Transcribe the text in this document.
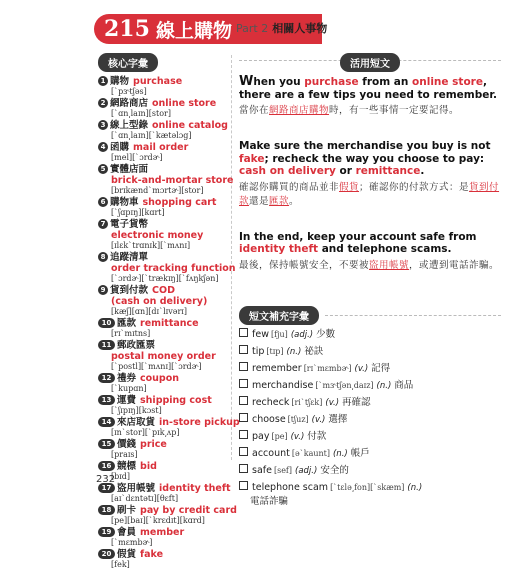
215 線上購物 Part 2 相關人事物
核心字彙
1 購物 purchase
[ˋpɝtʃəs]
2 網路商店 online store
[ˋɑn͵laɪn][stor]
3 線上型錄 online catalog
[ˋɑn͵laɪn][ˋkætəlɔg]
4 函購 mail order
[mel][ˋɔrdɚ]
5 實體店面
brick-and-mortar store
[brɪkændˋmɔrtɚ][stor]
6 購物車 shopping cart
[ˋʃɑpɪŋ][kɑrt]
7 電子貨幣
electronic money
[ɪlɛkˋtrɑnɪk][ˋmʌnɪ]
8 追蹤清單
order tracking function
[ˋɔrdɚ][ˋtrækɪŋ][ˋfʌŋkʃən]
9 貨到付款 COD
(cash on delivery)
[kæʃ][ɑn][dɪˋlɪvərɪ]
10 匯款 remittance
[rɪˋmɪtns]
11 郵政匯票
postal money order
[ˋpostl][ˋmʌnɪ][ˋɔrdɚ]
12 禮券 coupon
[ˋkupɑn]
13 運費 shipping cost
[ˋʃɪpɪŋ][kɔst]
14 來店取貨 in-store pickup
[ɪnˋstor][ˋpɪk͵ʌp]
15 價錢 price
[praɪs]
16 競標 bid
[bɪd]
17 盜用帳號 identity theft
[aɪˋdɛntətɪ][θɛft]
18 刷卡 pay by credit card
[pe][baɪ][ˋkrɛdɪt][kɑrd]
19 會員 member
[ˋmɛmbɚ]
20 假貨 fake
[fek]
活用短文
When you purchase from an online store, there are a few tips you need to remember.
當你在網路商店購物時，有一些事情一定要記得。
Make sure the merchandise you buy is not fake; recheck the way you choose to pay: cash on delivery or remittance.
確認你購買的商品並非假貨；確認你的付款方式：是貨到付款還是匯款。
In the end, keep your account safe from identity theft and telephone scams.
最後，保持帳號安全，不要被盜用帳號，或遭到電話詐騙。
短文補充字彙
few [fju] (adj.) 少數
tip [tɪp] (n.) 祕訣
remember [rɪˋmɛmbɚ] (v.) 記得
merchandise [ˋmɝtʃən͵daɪz] (n.) 商品
recheck [riˋtʃɛk] (v.) 再確認
choose [tʃuz] (v.) 選擇
pay [pe] (v.) 付款
account [əˋkaunt] (n.) 帳戶
safe [sef] (adj.) 安全的
telephone scam [ˋtɛlə͵fon][ˋskæm] (n.)
電話詐騙
232
